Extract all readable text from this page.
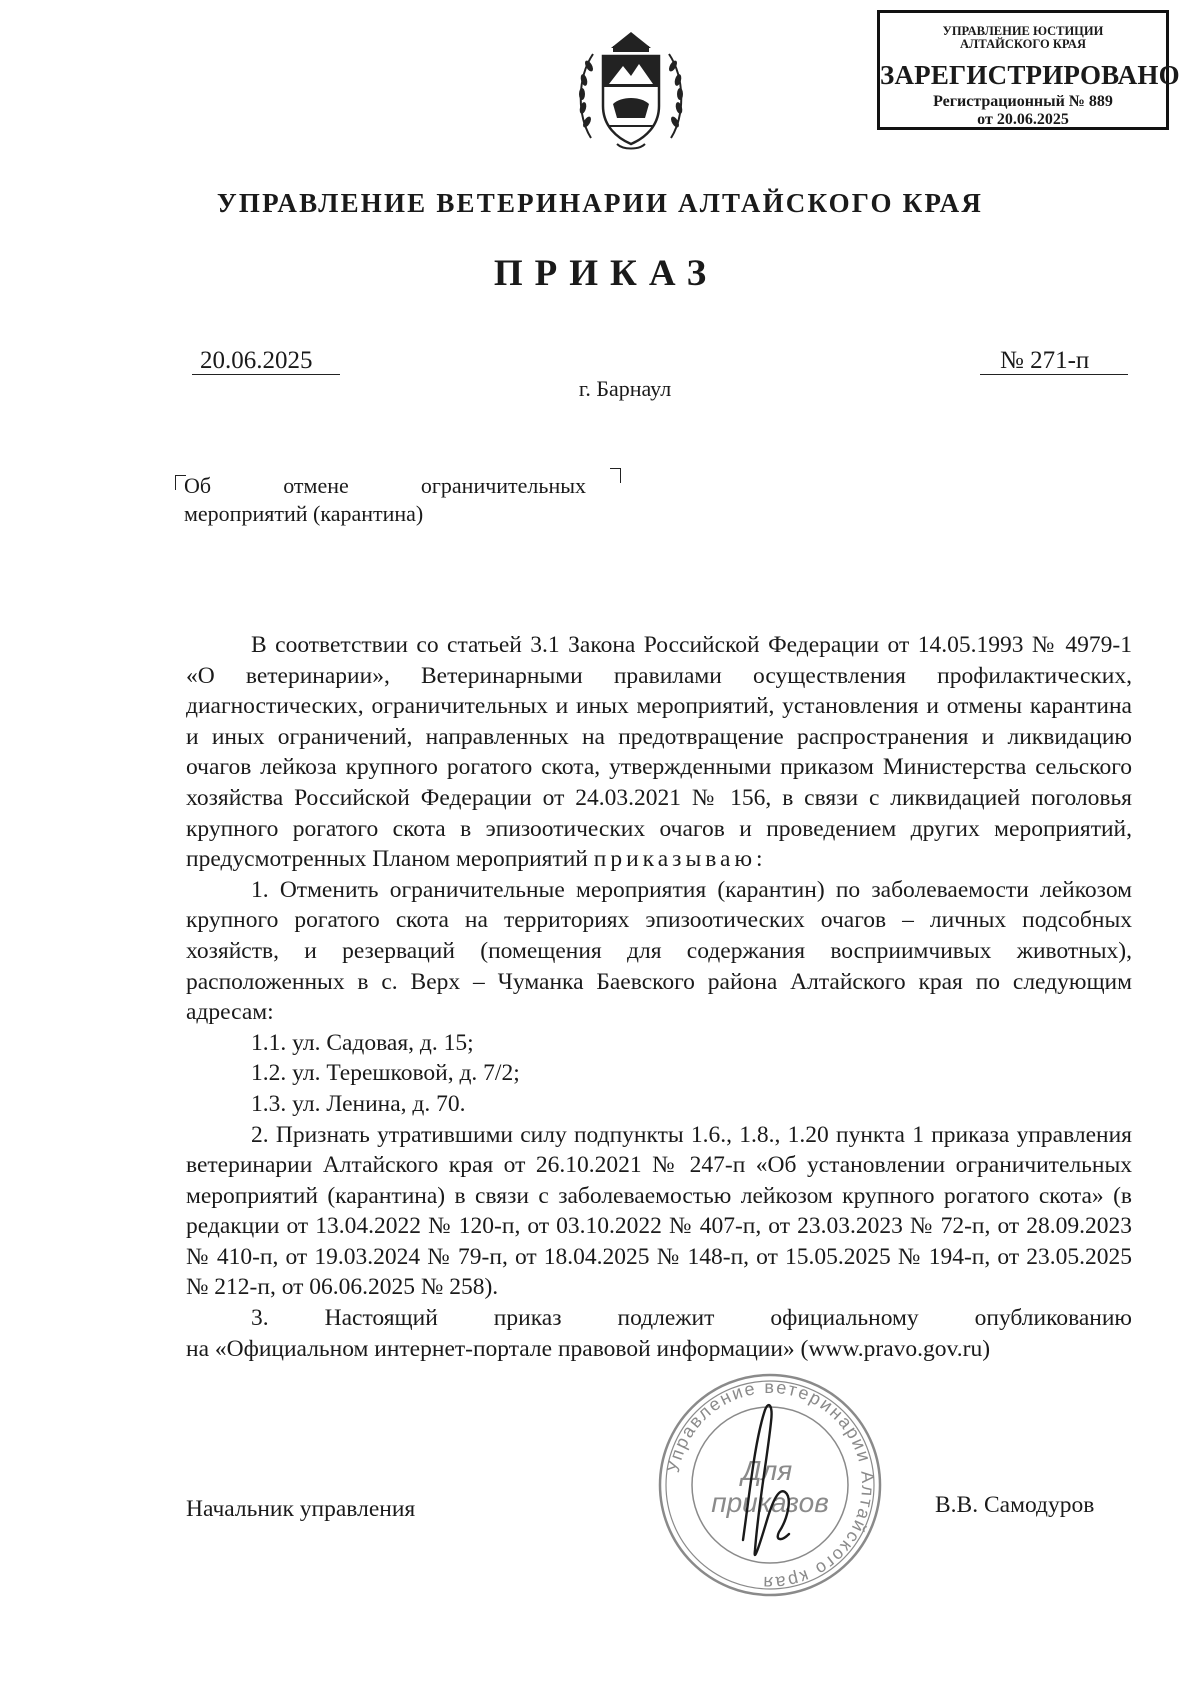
УПРАВЛЕНИЕ ЮСТИЦИИ
АЛТАЙСКОГО КРАЯ
ЗАРЕГИСТРИРОВАНО
Регистрационный № 889
от 20.06.2025
УПРАВЛЕНИЕ ВЕТЕРИНАРИИ АЛТАЙСКОГО КРАЯ
ПРИКАЗ
20.06.2025	№ 271-п
г. Барнаул
Об отмене ограничительных
мероприятий (карантина)

В соответствии со статьей 3.1 Закона Российской Федерации от 14.05.1993 № 4979-1 «О ветеринарии», Ветеринарными правилами осуществления профилактических, диагностических, ограничительных и иных мероприятий, установления и отмены карантина и иных ограничений, направленных на предотвращение распространения и ликвидацию очагов лейкоза крупного рогатого скота, утвержденными приказом Министерства сельского хозяйства Российской Федерации от 24.03.2021 № 156, в связи с ликвидацией поголовья крупного рогатого скота в эпизоотических очагов и проведением других мероприятий, предусмотренных Планом мероприятий приказываю:

1. Отменить ограничительные мероприятия (карантин) по заболеваемости лейкозом крупного рогатого скота на территориях эпизоотических очагов – личных подсобных хозяйств, и резерваций (помещения для содержания восприимчивых животных), расположенных в с. Верх – Чуманка Баевского района Алтайского края по следующим адресам:

1.1. ул. Садовая, д. 15;

1.2. ул. Терешковой, д. 7/2;

1.3. ул. Ленина, д. 70.

2. Признать утратившими силу подпункты 1.6., 1.8., 1.20 пункта 1 приказа управления ветеринарии Алтайского края от 26.10.2021 № 247-п «Об установлении ограничительных мероприятий (карантина) в связи с заболеваемостью лейкозом крупного рогатого скота» (в редакции от 13.04.2022 № 120-п, от 03.10.2022 № 407-п, от 23.03.2023 № 72-п, от 28.09.2023 № 410-п, от 19.03.2024 № 79-п, от 18.04.2025 № 148-п, от 15.05.2025 № 194-п, от 23.05.2025 № 212-п, от 06.06.2025 № 258).

3. Настоящий приказ подлежит официальному опубликованию

на «Официальном интернет-портале правовой информации» (www.pravo.gov.ru)

Управление ветеринарии Алтайского края
Для
приказов
Начальник управления	В.В. Самодуров
